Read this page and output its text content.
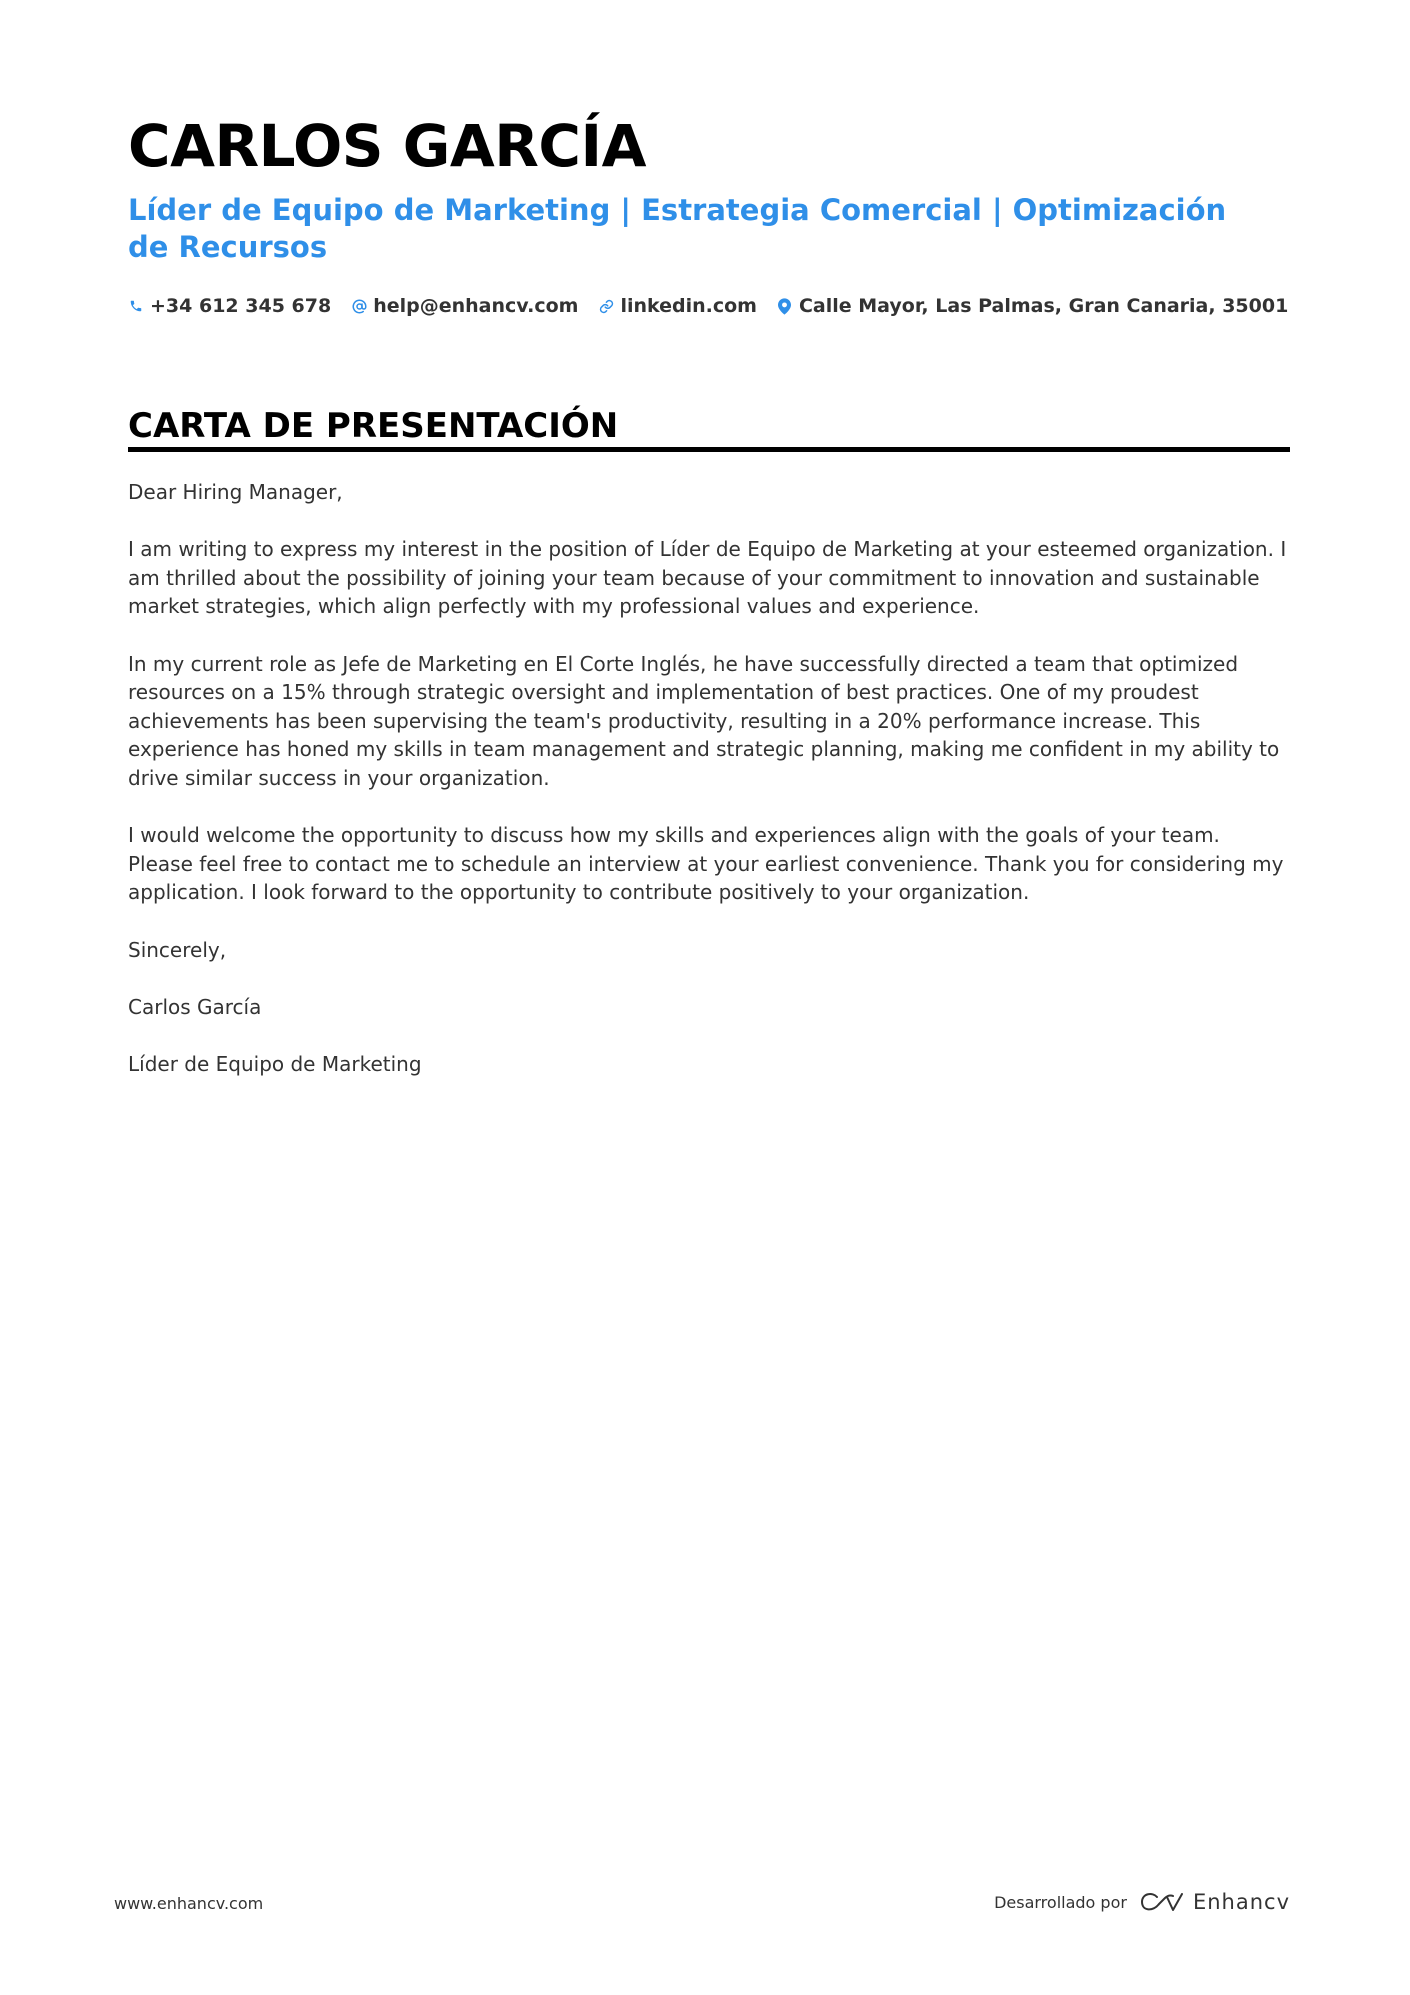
CARLOS GARCÍA
Líder de Equipo de Marketing | Estrategia Comercial | Optimización de Recursos
+34 612 345 678 help@enhancv.com linkedin.com Calle Mayor, Las Palmas, Gran Canaria, 35001
CARTA DE PRESENTACIÓN

Dear Hiring Manager,

I am writing to express my interest in the position of Líder de Equipo de Marketing at your esteemed organization. I am thrilled about the possibility of joining your team because of your commitment to innovation and sustainable market strategies, which align perfectly with my professional values and experience.

In my current role as Jefe de Marketing en El Corte Inglés, he have successfully directed a team that optimized resources on a 15% through strategic oversight and implementation of best practices. One of my proudest achievements has been supervising the team's productivity, resulting in a 20% performance increase. This experience has honed my skills in team management and strategic planning, making me confident in my ability to drive similar success in your organization.

I would welcome the opportunity to discuss how my skills and experiences align with the goals of your team. Please feel free to contact me to schedule an interview at your earliest convenience. Thank you for considering my application. I look forward to the opportunity to contribute positively to your organization.

Sincerely,

Carlos García

Líder de Equipo de Marketing

www.enhancv.com	Desarrollado por	Enhancv
